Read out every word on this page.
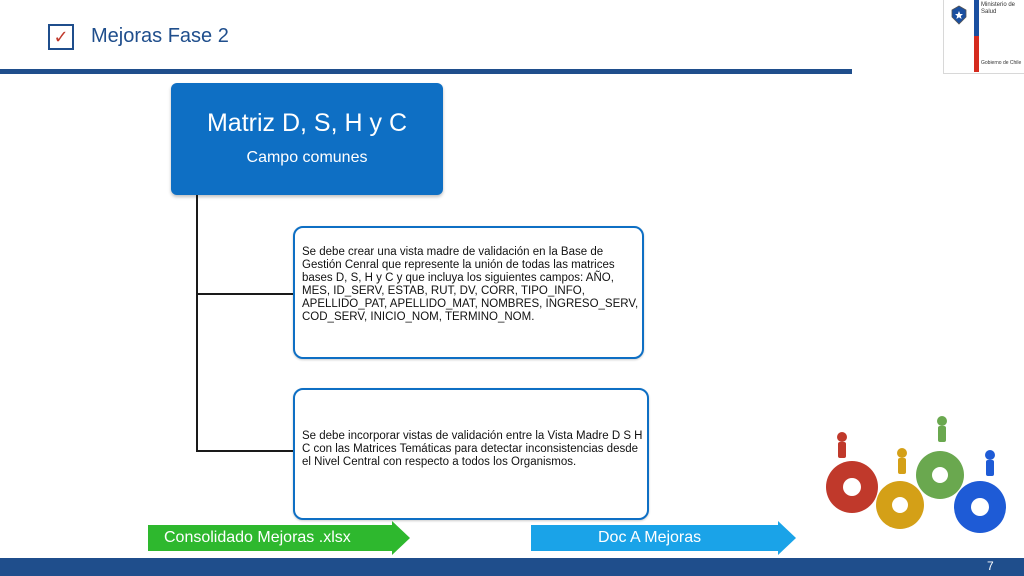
✓ Mejoras Fase 2
Ministerio de
Salud
Gobierno de Chile
Matriz D, S, H y C
Campo comunes
Se debe crear una vista madre de validación en la Base de Gestión Cenral que represente la unión de todas las matrices bases D, S, H y C y que incluya los siguientes campos: AÑO, MES, ID_SERV, ESTAB, RUT, DV, CORR, TIPO_INFO, APELLIDO_PAT, APELLIDO_MAT, NOMBRES, INGRESO_SERV, COD_SERV, INICIO_NOM, TERMINO_NOM.
Se debe incorporar vistas de validación entre la Vista Madre D S H C con las Matrices Temáticas para detectar inconsistencias desde el Nivel Central con respecto a todos los Organismos.
Consolidado Mejoras .xlsx	Doc A Mejoras
7
